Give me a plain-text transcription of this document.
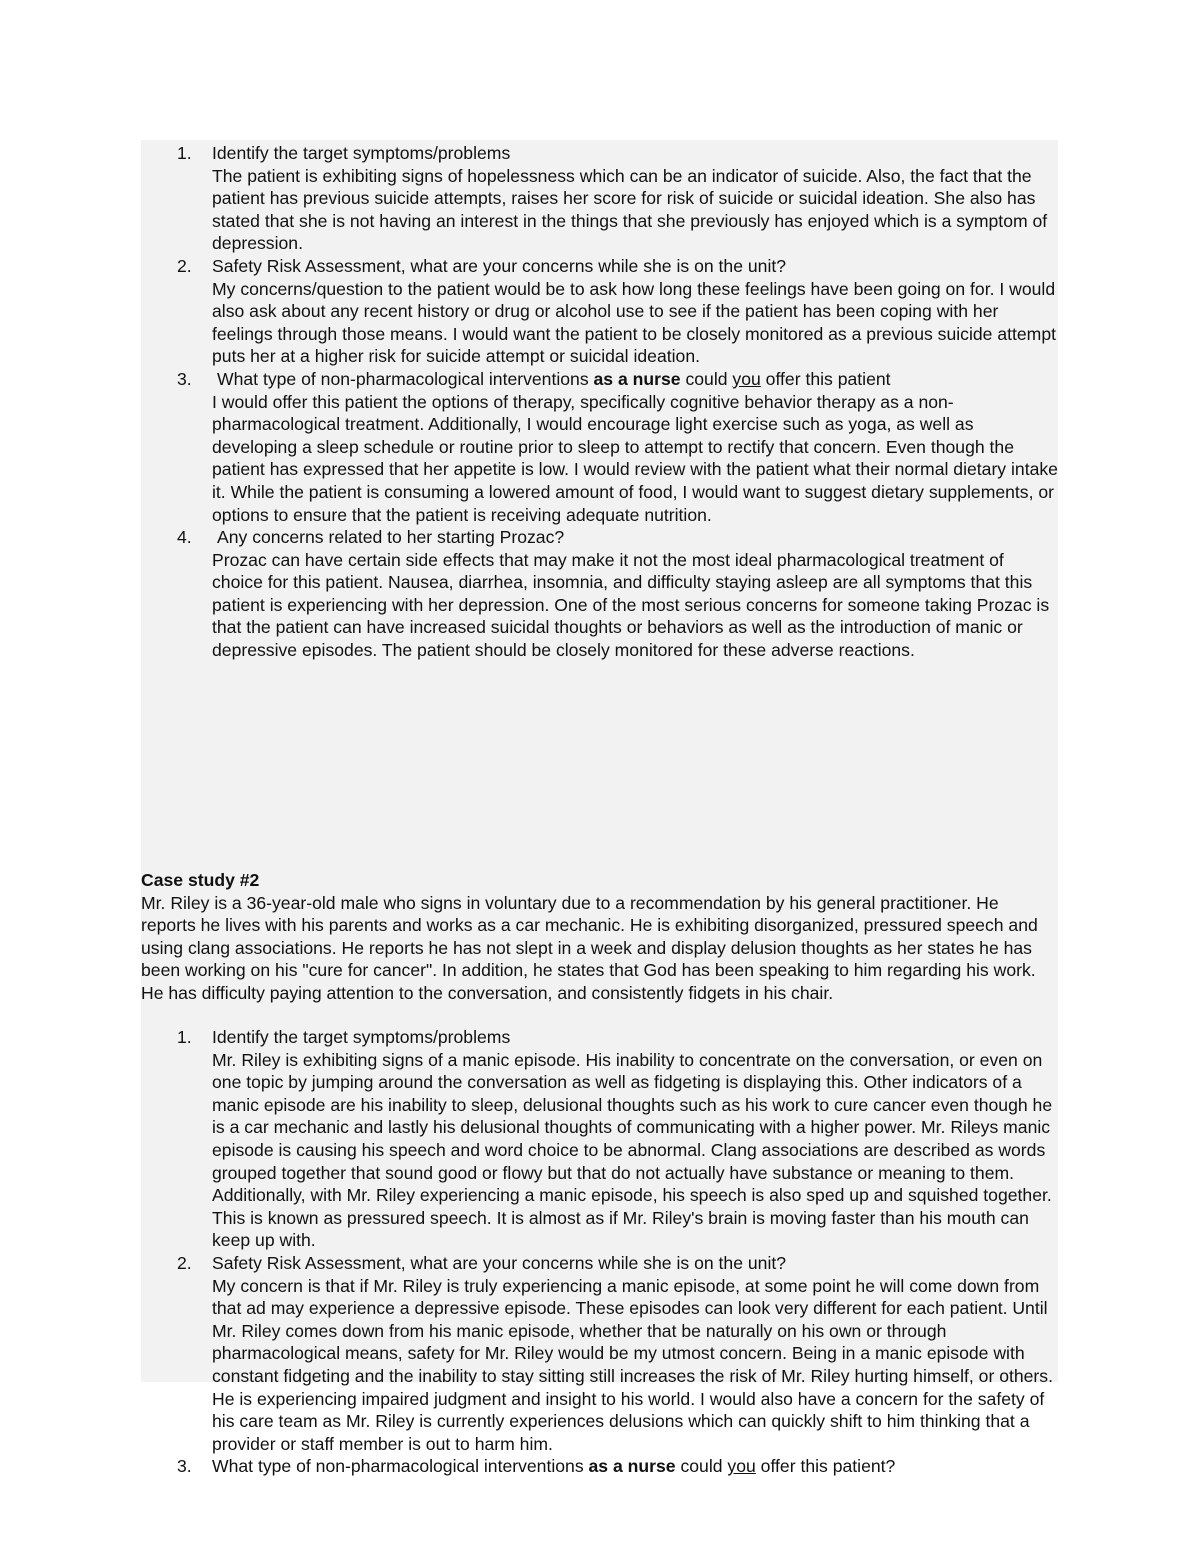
1.	Identify the target symptoms/problems
The patient is exhibiting signs of hopelessness which can be an indicator of suicide. Also, the fact that the patient has previous suicide attempts, raises her score for risk of suicide or suicidal ideation. She also has stated that she is not having an interest in the things that she previously has enjoyed which is a symptom of depression.
2.	Safety Risk Assessment, what are your concerns while she is on the unit?
My concerns/question to the patient would be to ask how long these feelings have been going on for. I would also ask about any recent history or drug or alcohol use to see if the patient has been coping with her feelings through those means. I would want the patient to be closely monitored as a previous suicide attempt puts her at a higher risk for suicide attempt or suicidal ideation.
3.	What type of non-pharmacological interventions as a nurse could you offer this patient
I would offer this patient the options of therapy, specifically cognitive behavior therapy as a non-pharmacological treatment. Additionally, I would encourage light exercise such as yoga, as well as developing a sleep schedule or routine prior to sleep to attempt to rectify that concern. Even though the patient has expressed that her appetite is low. I would review with the patient what their normal dietary intake it. While the patient is consuming a lowered amount of food, I would want to suggest dietary supplements, or options to ensure that the patient is receiving adequate nutrition.
4.	Any concerns related to her starting Prozac?
Prozac can have certain side effects that may make it not the most ideal pharmacological treatment of choice for this patient. Nausea, diarrhea, insomnia, and difficulty staying asleep are all symptoms that this patient is experiencing with her depression. One of the most serious concerns for someone taking Prozac is that the patient can have increased suicidal thoughts or behaviors as well as the introduction of manic or depressive episodes. The patient should be closely monitored for these adverse reactions.
Case study #2
Mr. Riley is a 36-year-old male who signs in voluntary due to a recommendation by his general practitioner. He reports he lives with his parents and works as a car mechanic. He is exhibiting disorganized, pressured speech and using clang associations. He reports he has not slept in a week and display delusion thoughts as her states he has been working on his "cure for cancer". In addition, he states that God has been speaking to him regarding his work. He has difficulty paying attention to the conversation, and consistently fidgets in his chair.
1.	Identify the target symptoms/problems
Mr. Riley is exhibiting signs of a manic episode. His inability to concentrate on the conversation, or even on one topic by jumping around the conversation as well as fidgeting is displaying this. Other indicators of a manic episode are his inability to sleep, delusional thoughts such as his work to cure cancer even though he is a car mechanic and lastly his delusional thoughts of communicating with a higher power. Mr. Rileys manic episode is causing his speech and word choice to be abnormal. Clang associations are described as words grouped together that sound good or flowy but that do not actually have substance or meaning to them. Additionally, with Mr. Riley experiencing a manic episode, his speech is also sped up and squished together. This is known as pressured speech. It is almost as if Mr. Riley's brain is moving faster than his mouth can keep up with.
2.	Safety Risk Assessment, what are your concerns while she is on the unit?
My concern is that if Mr. Riley is truly experiencing a manic episode, at some point he will come down from that ad may experience a depressive episode. These episodes can look very different for each patient. Until Mr. Riley comes down from his manic episode, whether that be naturally on his own or through pharmacological means, safety for Mr. Riley would be my utmost concern. Being in a manic episode with constant fidgeting and the inability to stay sitting still increases the risk of Mr. Riley hurting himself, or others. He is experiencing impaired judgment and insight to his world. I would also have a concern for the safety of his care team as Mr. Riley is currently experiences delusions which can quickly shift to him thinking that a provider or staff member is out to harm him.
3.	What type of non-pharmacological interventions as a nurse could you offer this patient?
